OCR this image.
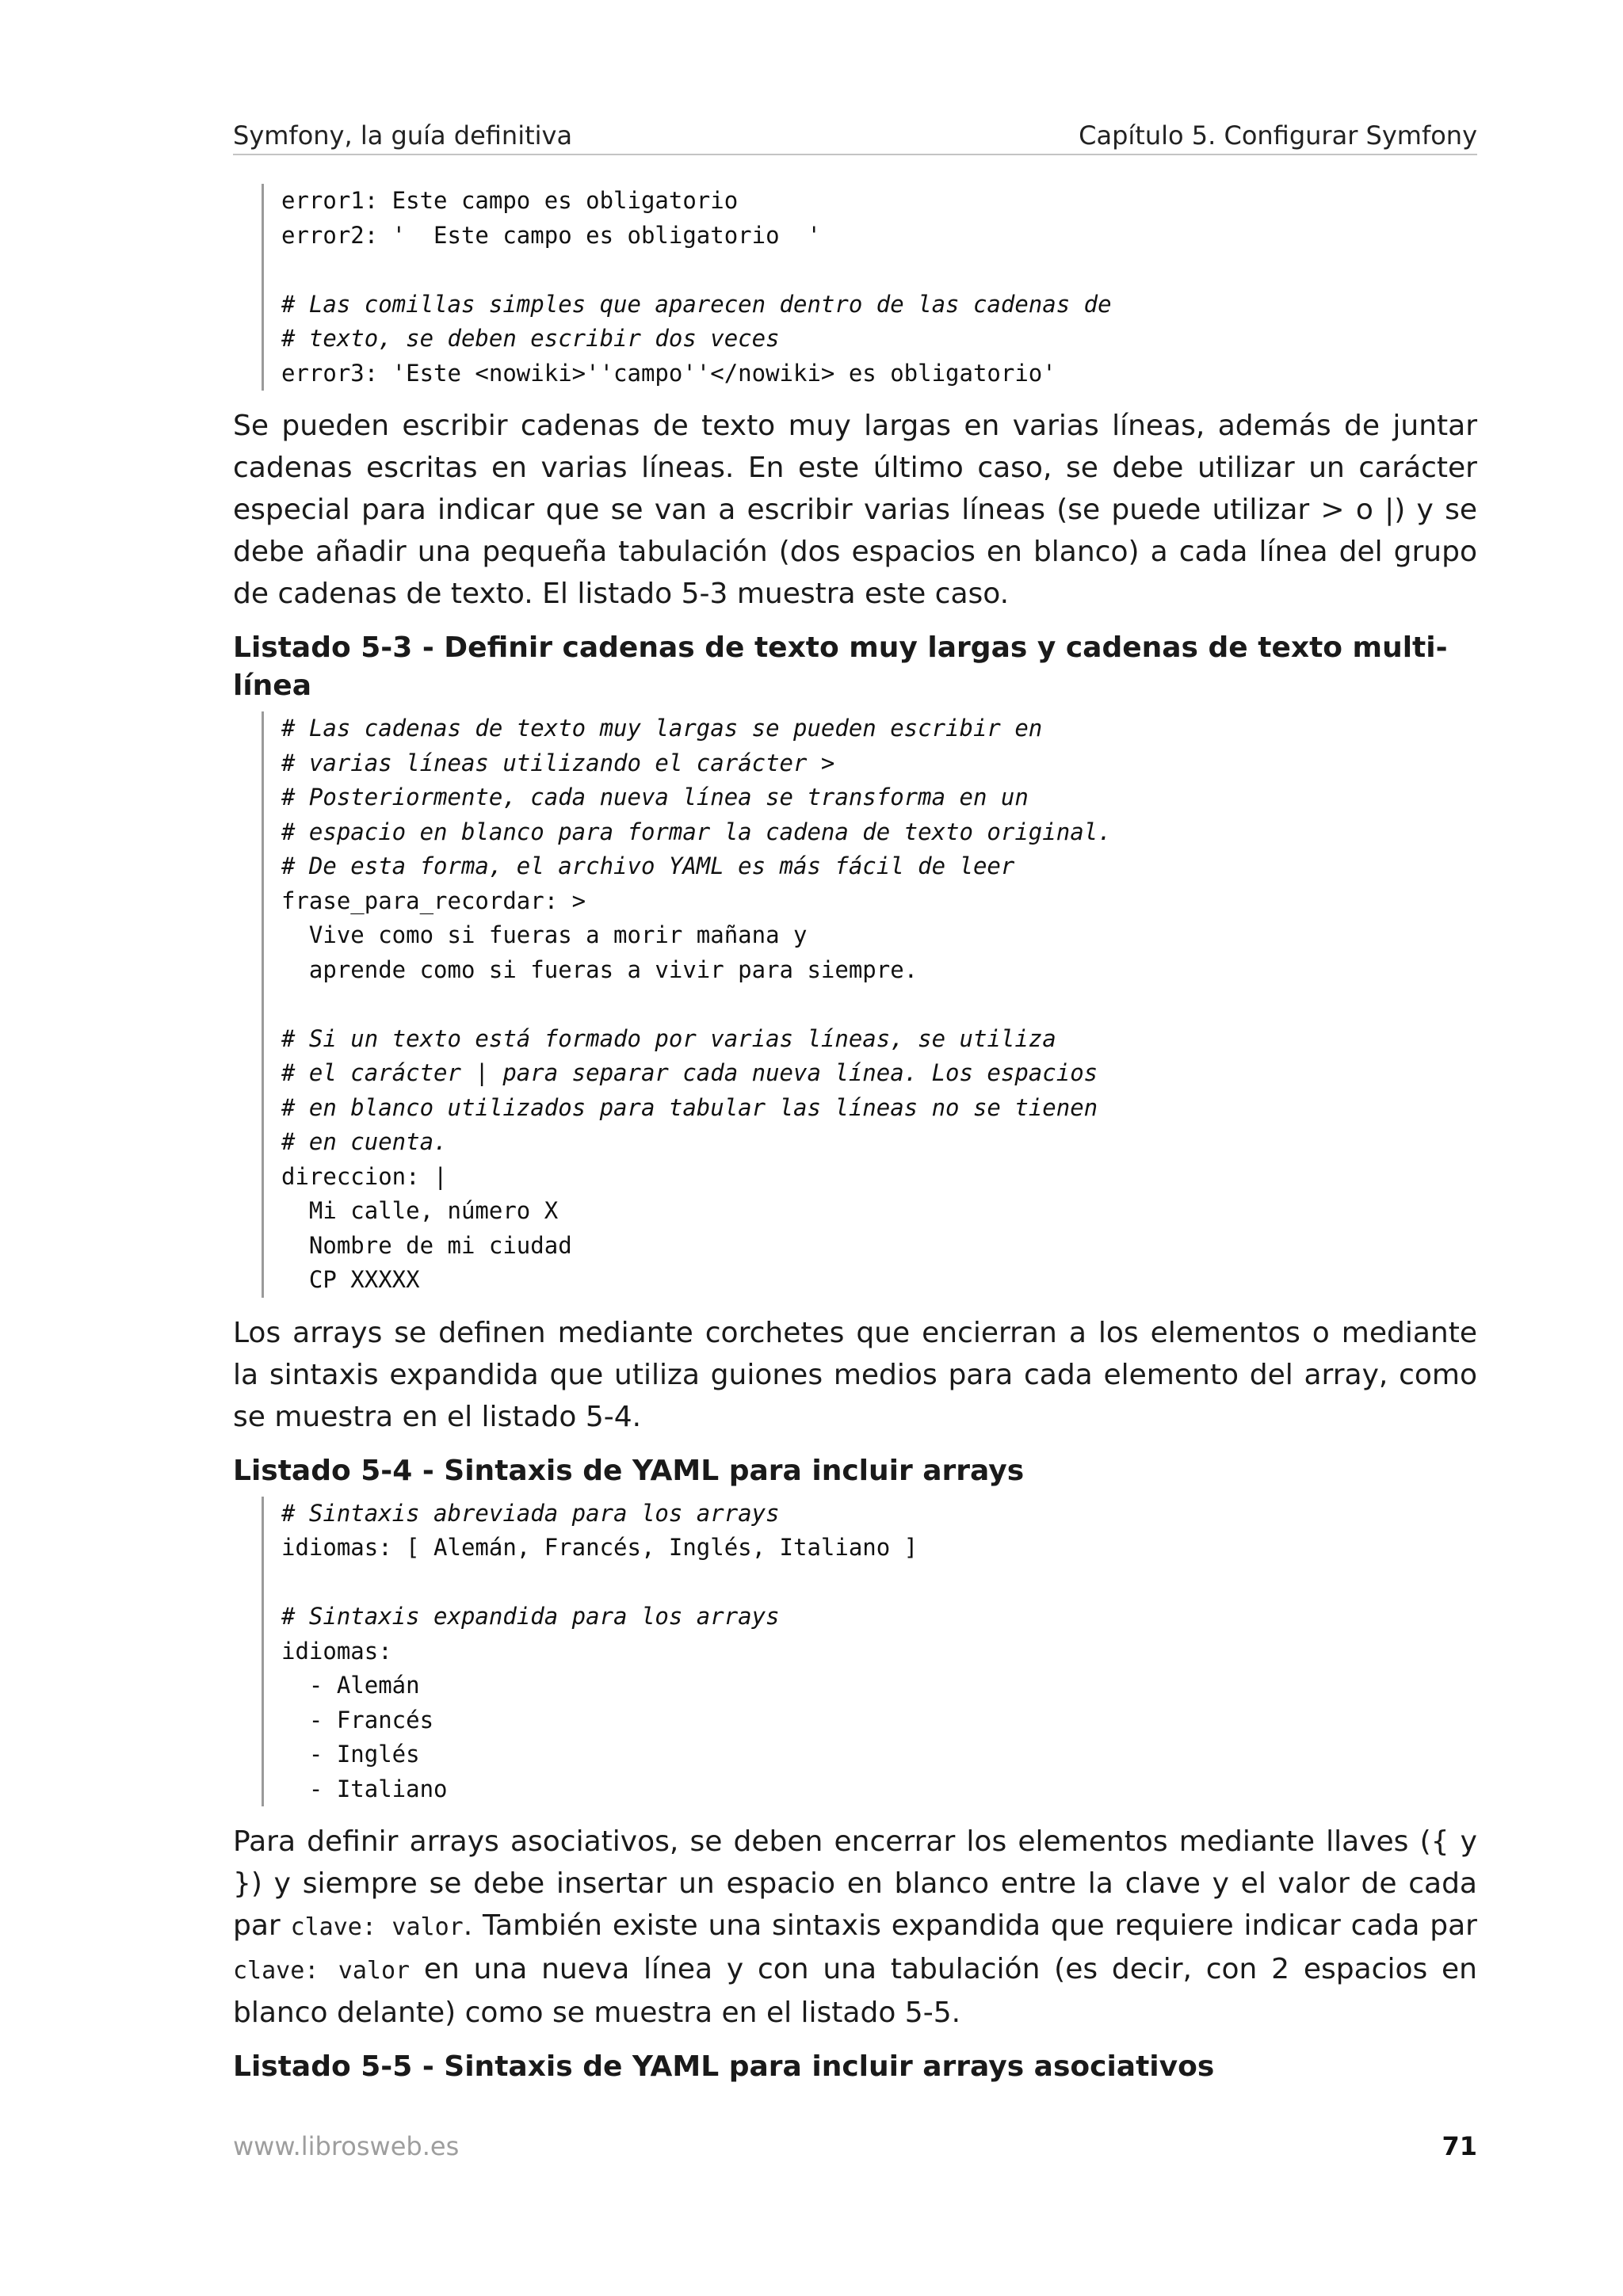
Symfony, la guía definitiva	Capítulo 5. Configurar Symfony
error1: Este campo es obligatorio
error2: '  Este campo es obligatorio  '

# Las comillas simples que aparecen dentro de las cadenas de
# texto, se deben escribir dos veces
error3: 'Este <nowiki>''campo''</nowiki> es obligatorio'

Se pueden escribir cadenas de texto muy largas en varias líneas, además de juntar cadenas escritas en varias líneas. En este último caso, se debe utilizar un carácter especial para indicar que se van a escribir varias líneas (se puede utilizar > o |) y se debe añadir una pequeña tabulación (dos espacios en blanco) a cada línea del grupo de cadenas de texto. El listado 5-3 muestra este caso.

Listado 5-3 - Definir cadenas de texto muy largas y cadenas de texto multi-línea
# Las cadenas de texto muy largas se pueden escribir en
# varias líneas utilizando el carácter >
# Posteriormente, cada nueva línea se transforma en un
# espacio en blanco para formar la cadena de texto original.
# De esta forma, el archivo YAML es más fácil de leer
frase_para_recordar: >
Vive como si fueras a morir mañana y
aprende como si fueras a vivir para siempre.

# Si un texto está formado por varias líneas, se utiliza
# el carácter | para separar cada nueva línea. Los espacios
# en blanco utilizados para tabular las líneas no se tienen
# en cuenta.
direccion: |
Mi calle, número X
Nombre de mi ciudad
CP XXXXX

Los arrays se definen mediante corchetes que encierran a los elementos o mediante la sintaxis expandida que utiliza guiones medios para cada elemento del array, como se muestra en el listado 5-4.

Listado 5-4 - Sintaxis de YAML para incluir arrays
# Sintaxis abreviada para los arrays
idiomas: [ Alemán, Francés, Inglés, Italiano ]

# Sintaxis expandida para los arrays
idiomas:
- Alemán
- Francés
- Inglés
- Italiano

Para definir arrays asociativos, se deben encerrar los elementos mediante llaves ({ y }) y siempre se debe insertar un espacio en blanco entre la clave y el valor de cada par clave: valor. También existe una sintaxis expandida que requiere indicar cada par clave: valor en una nueva línea y con una tabulación (es decir, con 2 espacios en blanco delante) como se muestra en el listado 5-5.

Listado 5-5 - Sintaxis de YAML para incluir arrays asociativos
www.librosweb.es	71
